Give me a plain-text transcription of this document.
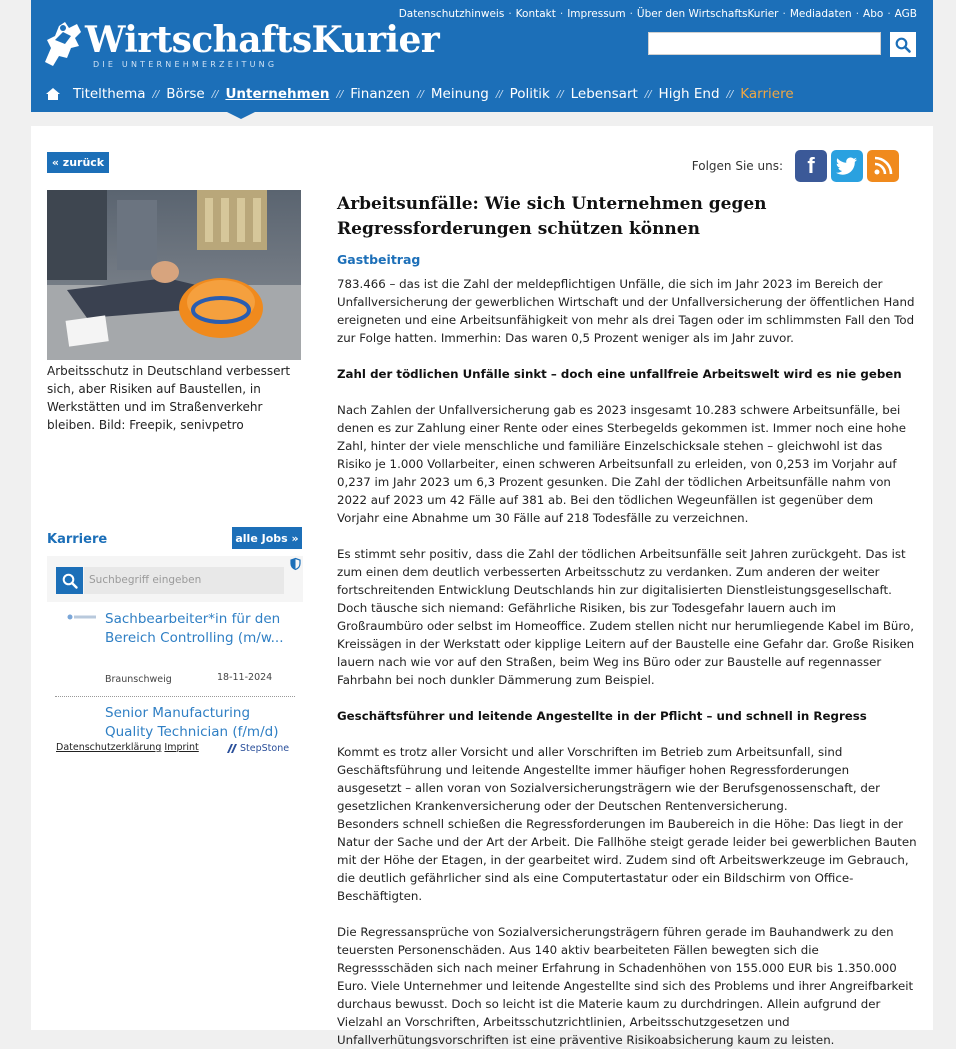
WirtschaftsKurier
DIE UNTERNEHMERZEITUNG
Datenschutzhinweis · Kontakt · Impressum · Über den WirtschaftsKurier · Mediadaten · Abo · AGB
Titelthema // Börse // Unternehmen // Finanzen // Meinung // Politik // Lebensart // High End // Karriere
« zurück	Folgen Sie uns:	f
Arbeitsschutz in Deutschland verbessert sich, aber Risiken auf Baustellen, in Werkstätten und im Straßenverkehr bleiben. Bild: Freepik, senivpetro
Karriere	alle Jobs »
Suchbegriff eingeben
Sachbearbeiter*in für den Bereich Controlling (m/w...
Braunschweig	18-11-2024
Senior Manufacturing Quality Technician (f/m/d)
Datenschutzerklärung Imprint	StepStone
Arbeitsunfälle: Wie sich Unternehmen gegen Regressforderungen schützen können
Gastbeitrag
783.466 – das ist die Zahl der meldepflichtigen Unfälle, die sich im Jahr 2023 im Bereich der Unfallversicherung der gewerblichen Wirtschaft und der Unfallversicherung der öffentlichen Hand ereigneten und eine Arbeitsunfähigkeit von mehr als drei Tagen oder im schlimmsten Fall den Tod zur Folge hatten. Immerhin: Das waren 0,5 Prozent weniger als im Jahr zuvor.
Zahl der tödlichen Unfälle sinkt – doch eine unfallfreie Arbeitswelt wird es nie geben
Nach Zahlen der Unfallversicherung gab es 2023 insgesamt 10.283 schwere Arbeitsunfälle, bei denen es zur Zahlung einer Rente oder eines Sterbegelds gekommen ist. Immer noch eine hohe Zahl, hinter der viele menschliche und familiäre Einzelschicksale stehen – gleichwohl ist das Risiko je 1.000 Vollarbeiter, einen schweren Arbeitsunfall zu erleiden, von 0,253 im Vorjahr auf 0,237 im Jahr 2023 um 6,3 Prozent gesunken. Die Zahl der tödlichen Arbeitsunfälle nahm von 2022 auf 2023 um 42 Fälle auf 381 ab. Bei den tödlichen Wegeunfällen ist gegenüber dem Vorjahr eine Abnahme um 30 Fälle auf 218 Todesfälle zu verzeichnen.
Es stimmt sehr positiv, dass die Zahl der tödlichen Arbeitsunfälle seit Jahren zurückgeht. Das ist zum einen dem deutlich verbesserten Arbeitsschutz zu verdanken. Zum anderen der weiter fortschreitenden Entwicklung Deutschlands hin zur digitalisierten Dienstleistungsgesellschaft. Doch täusche sich niemand: Gefährliche Risiken, bis zur Todesgefahr lauern auch im Großraumbüro oder selbst im Homeoffice. Zudem stellen nicht nur herumliegende Kabel im Büro, Kreissägen in der Werkstatt oder kipplige Leitern auf der Baustelle eine Gefahr dar. Große Risiken lauern nach wie vor auf den Straßen, beim Weg ins Büro oder zur Baustelle auf regennasser Fahrbahn bei noch dunkler Dämmerung zum Beispiel.
Geschäftsführer und leitende Angestellte in der Pflicht – und schnell in Regress
Kommt es trotz aller Vorsicht und aller Vorschriften im Betrieb zum Arbeitsunfall, sind Geschäftsführung und leitende Angestellte immer häufiger hohen Regressforderungen ausgesetzt – allen voran von Sozialversicherungsträgern wie der Berufsgenossenschaft, der gesetzlichen Krankenversicherung oder der Deutschen Rentenversicherung.
Besonders schnell schießen die Regressforderungen im Baubereich in die Höhe: Das liegt in der Natur der Sache und der Art der Arbeit. Die Fallhöhe steigt gerade leider bei gewerblichen Bauten mit der Höhe der Etagen, in der gearbeitet wird. Zudem sind oft Arbeitswerkzeuge im Gebrauch, die deutlich gefährlicher sind als eine Computertastatur oder ein Bildschirm von Office-Beschäftigten.
Die Regressansprüche von Sozialversicherungsträgern führen gerade im Bauhandwerk zu den teuersten Personenschäden. Aus 140 aktiv bearbeiteten Fällen bewegten sich die Regressschäden sich nach meiner Erfahrung in Schadenhöhen von 155.000 EUR bis 1.350.000 Euro. Viele Unternehmer und leitende Angestellte sind sich des Problems und ihrer Angreifbarkeit durchaus bewusst. Doch so leicht ist die Materie kaum zu durchdringen. Allein aufgrund der Vielzahl an Vorschriften, Arbeitsschutzrichtlinien, Arbeitsschutzgesetzen und Unfallverhütungsvorschriften ist eine präventive Risikoabsicherung kaum zu leisten.
